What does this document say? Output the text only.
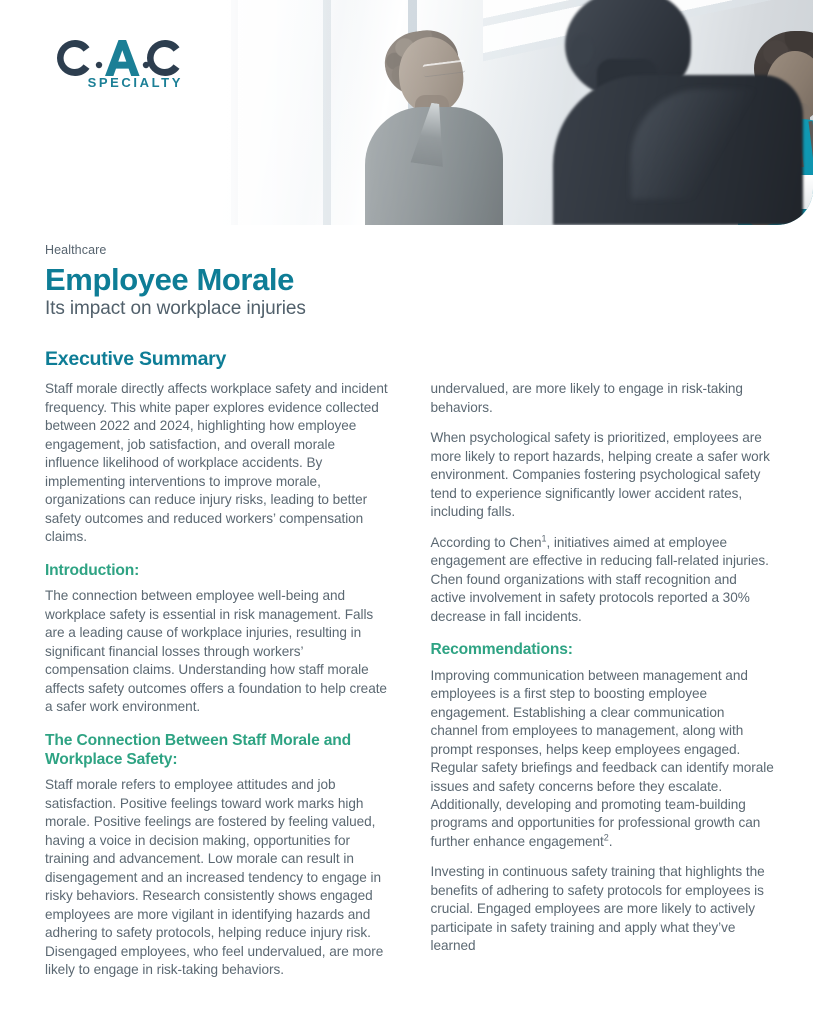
SPECIALTY
Healthcare
Employee Morale
Its impact on workplace injuries
Executive Summary

Staff morale directly affects workplace safety and incident frequency. This white paper explores evidence collected between 2022 and 2024, highlighting how employee engagement, job satisfaction, and overall morale influence likelihood of workplace accidents. By implementing interventions to improve morale, organizations can reduce injury risks, leading to better safety outcomes and reduced workers’ compensation claims.

Introduction:

The connection between employee well-being and workplace safety is essential in risk management. Falls are a leading cause of workplace injuries, resulting in significant financial losses through workers’ compensation claims. Understanding how staff morale affects safety outcomes offers a foundation to help create a safer work environment.

The Connection Between Staff Morale and Workplace Safety:

Staff morale refers to employee attitudes and job satisfaction. Positive feelings toward work marks high morale. Positive feelings are fostered by feeling valued, having a voice in decision making, opportunities for training and advancement. Low morale can result in disengagement and an increased tendency to engage in risky behaviors. Research consistently shows engaged employees are more vigilant in identifying hazards and adhering to safety protocols, helping reduce injury risk. Disengaged employees, who feel undervalued, are more likely to engage in risk-taking behaviors.

undervalued, are more likely to engage in risk-taking behaviors.

When psychological safety is prioritized, employees are more likely to report hazards, helping create a safer work environment. Companies fostering psychological safety tend to experience significantly lower accident rates, including falls.

According to Chen$^1$, initiatives aimed at employee engagement are effective in reducing fall-related injuries. Chen found organizations with staff recognition and active involvement in safety protocols reported a 30% decrease in fall incidents.

Recommendations:

Improving communication between management and employees is a first step to boosting employee engagement. Establishing a clear communication channel from employees to management, along with prompt responses, helps keep employees engaged. Regular safety briefings and feedback can identify morale issues and safety concerns before they escalate. Additionally, developing and promoting team-building programs and opportunities for professional growth can further enhance engagement$^2$.

Investing in continuous safety training that highlights the benefits of adhering to safety protocols for employees is crucial. Engaged employees are more likely to actively participate in safety training and apply what they’ve learned
